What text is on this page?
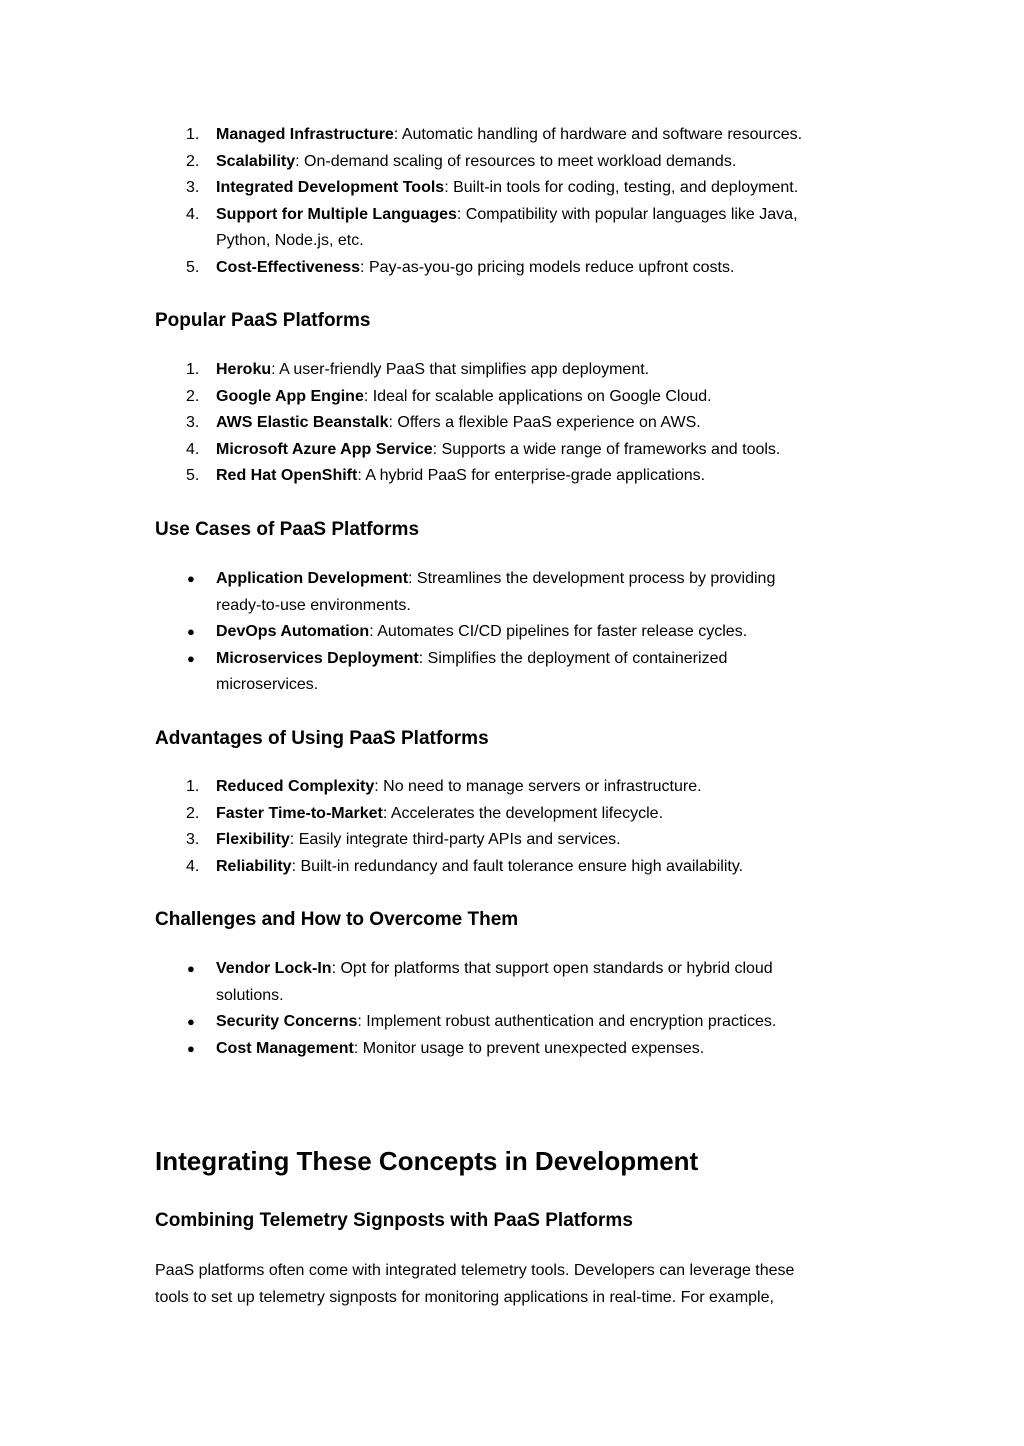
1.	Managed Infrastructure: Automatic handling of hardware and software resources.
2.	Scalability: On-demand scaling of resources to meet workload demands.
3.	Integrated Development Tools: Built-in tools for coding, testing, and deployment.
4.	Support for Multiple Languages: Compatibility with popular languages like Java,
Python, Node.js, etc.
5.	Cost-Effectiveness: Pay-as-you-go pricing models reduce upfront costs.
Popular PaaS Platforms
1.	Heroku: A user-friendly PaaS that simplifies app deployment.
2.	Google App Engine: Ideal for scalable applications on Google Cloud.
3.	AWS Elastic Beanstalk: Offers a flexible PaaS experience on AWS.
4.	Microsoft Azure App Service: Supports a wide range of frameworks and tools.
5.	Red Hat OpenShift: A hybrid PaaS for enterprise-grade applications.
Use Cases of PaaS Platforms
●	Application Development: Streamlines the development process by providing
ready-to-use environments.
●	DevOps Automation: Automates CI/CD pipelines for faster release cycles.
●	Microservices Deployment: Simplifies the deployment of containerized
microservices.
Advantages of Using PaaS Platforms
1.	Reduced Complexity: No need to manage servers or infrastructure.
2.	Faster Time-to-Market: Accelerates the development lifecycle.
3.	Flexibility: Easily integrate third-party APIs and services.
4.	Reliability: Built-in redundancy and fault tolerance ensure high availability.
Challenges and How to Overcome Them
●	Vendor Lock-In: Opt for platforms that support open standards or hybrid cloud
solutions.
●	Security Concerns: Implement robust authentication and encryption practices.
●	Cost Management: Monitor usage to prevent unexpected expenses.
Integrating These Concepts in Development
Combining Telemetry Signposts with PaaS Platforms

PaaS platforms often come with integrated telemetry tools. Developers can leverage these
tools to set up telemetry signposts for monitoring applications in real-time. For example,
